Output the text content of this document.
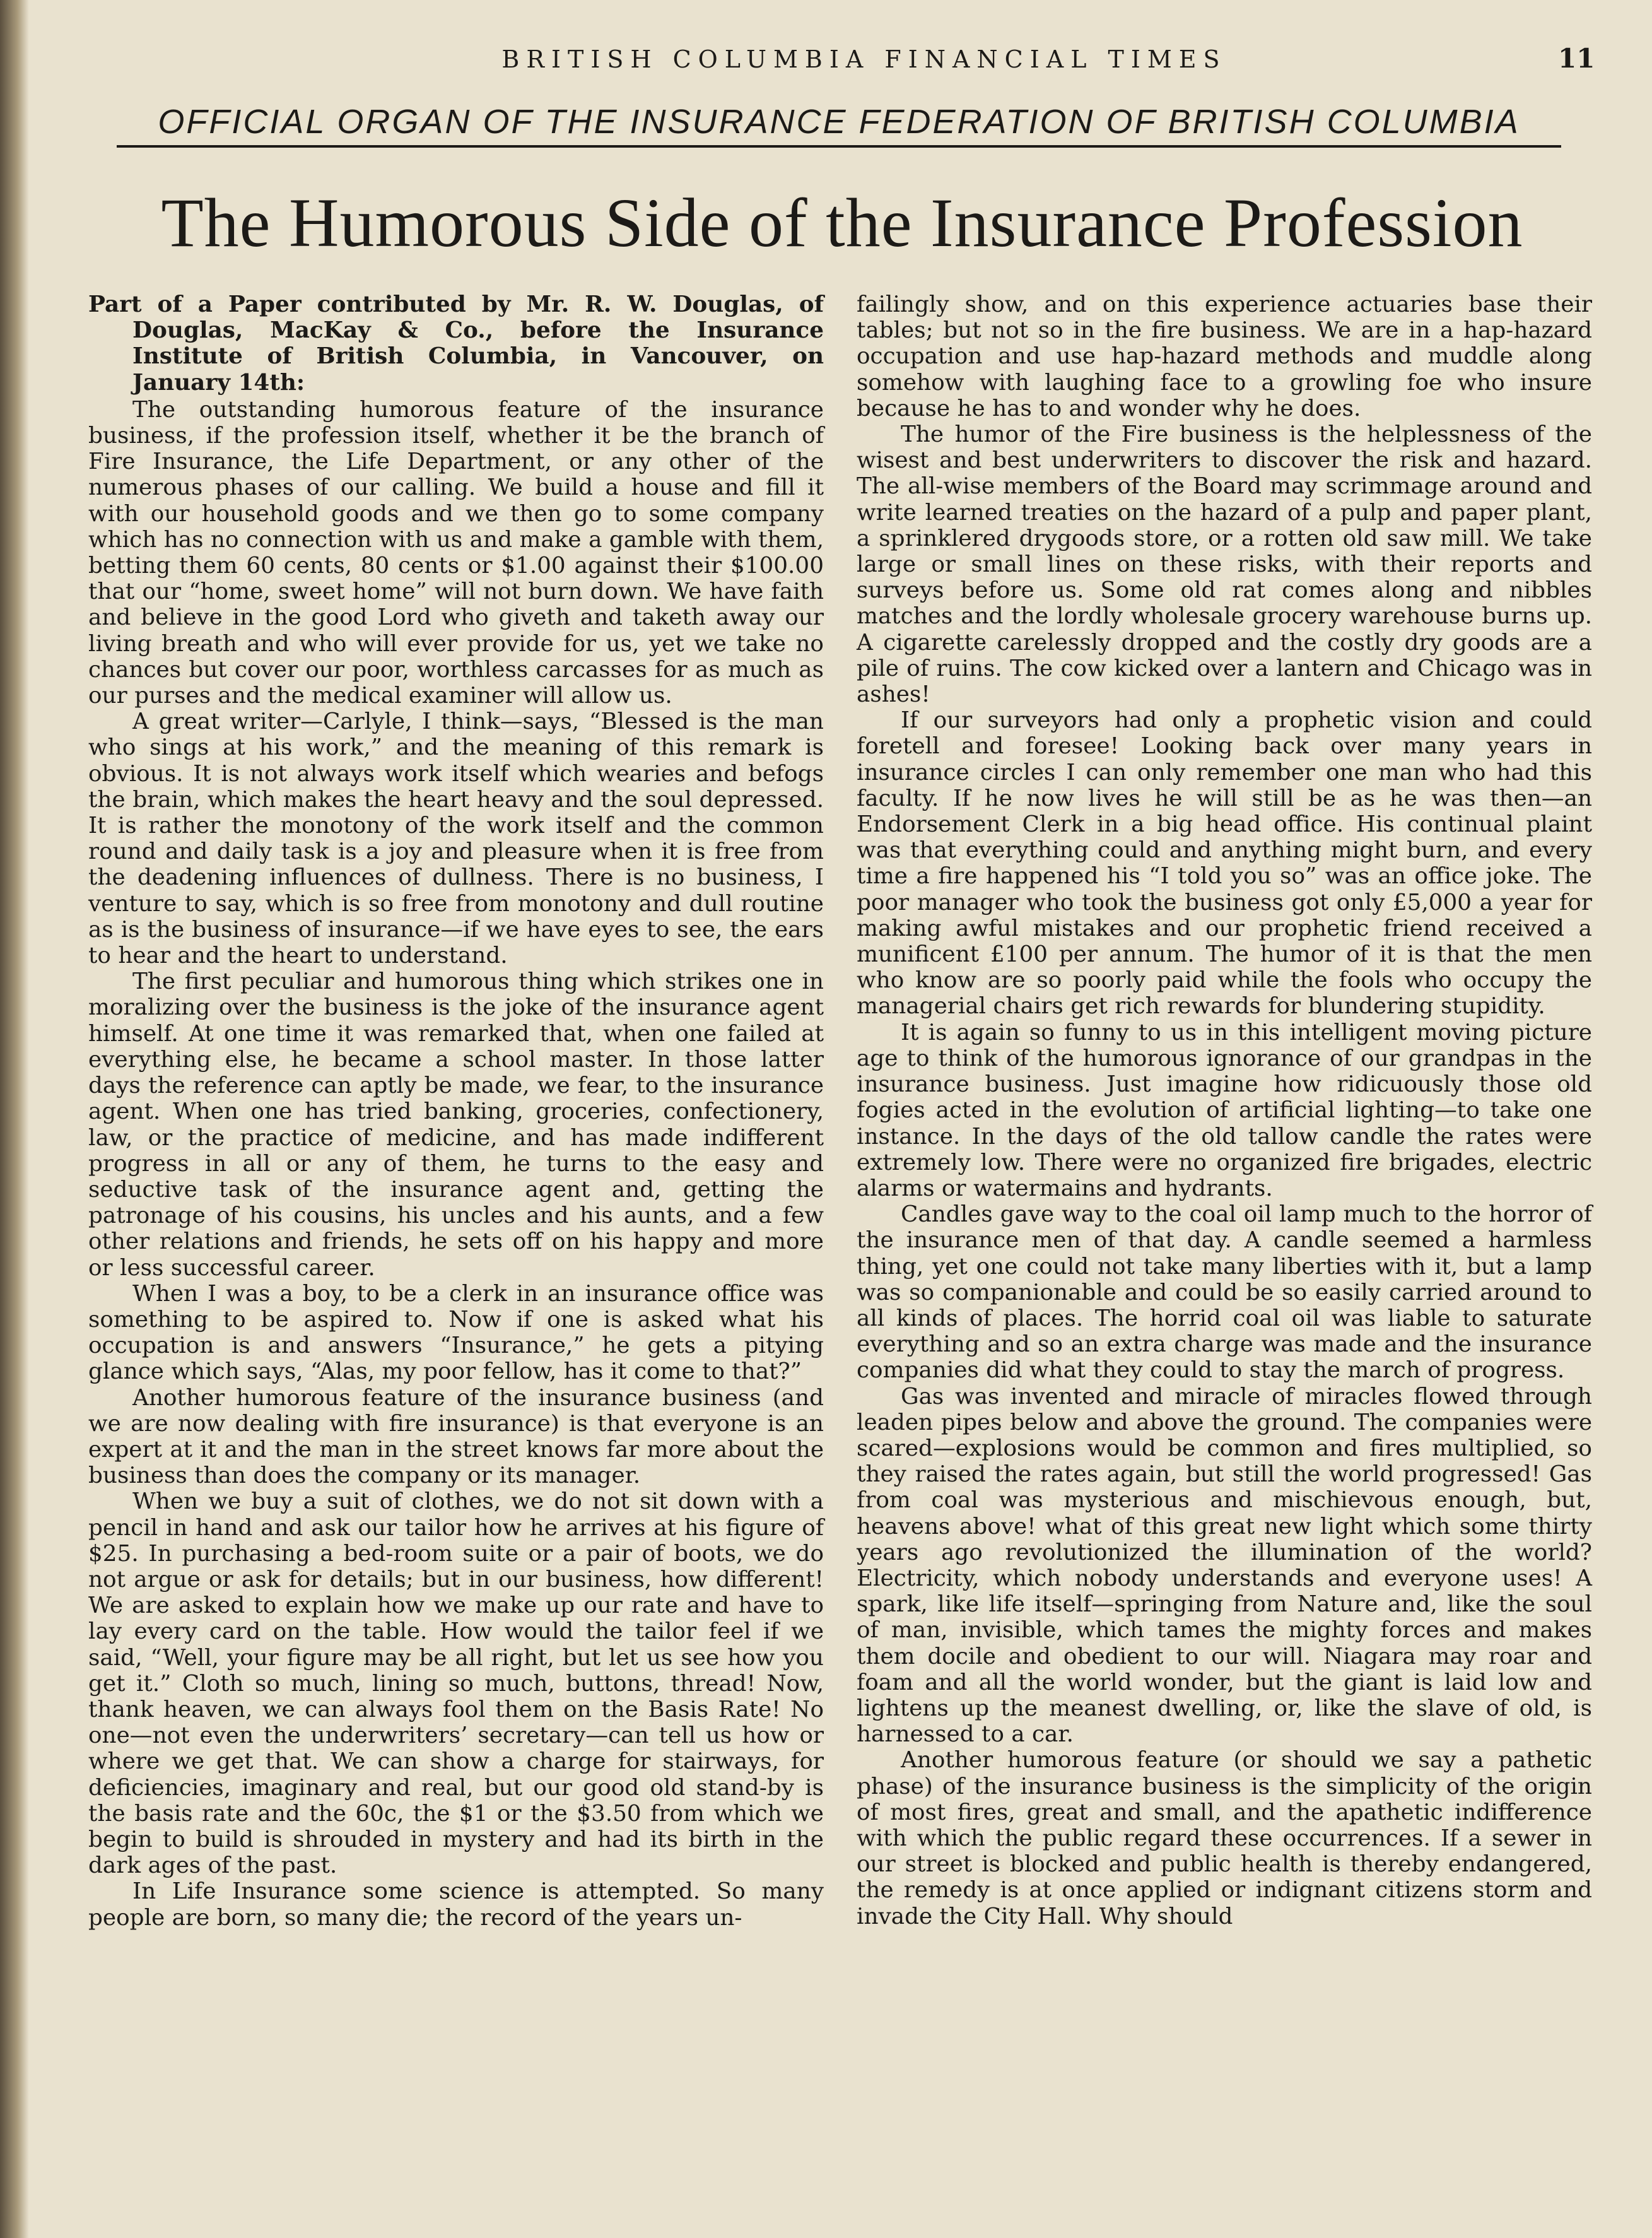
BRITISH COLUMBIA FINANCIAL TIMES	11
OFFICIAL ORGAN OF THE INSURANCE FEDERATION OF BRITISH COLUMBIA
The Humorous Side of the Insurance Profession

Part of a Paper contributed by Mr. R. W. Douglas, of Douglas, MacKay & Co., before the Insurance Institute of British Columbia, in Vancouver, on January 14th:

The outstanding humorous feature of the insurance business, if the profession itself, whether it be the branch of Fire Insurance, the Life Department, or any other of the numerous phases of our calling. We build a house and fill it with our household goods and we then go to some company which has no connection with us and make a gamble with them, betting them 60 cents, 80 cents or $1.00 against their $100.00 that our “home, sweet home” will not burn down. We have faith and believe in the good Lord who giveth and taketh away our living breath and who will ever provide for us, yet we take no chances but cover our poor, worthless carcasses for as much as our purses and the medical examiner will allow us.

A great writer—Carlyle, I think—says, “Blessed is the man who sings at his work,” and the meaning of this remark is obvious. It is not always work itself which wearies and befogs the brain, which makes the heart heavy and the soul depressed. It is rather the monotony of the work itself and the common round and daily task is a joy and pleasure when it is free from the deadening influences of dullness. There is no business, I venture to say, which is so free from monotony and dull routine as is the business of insurance—if we have eyes to see, the ears to hear and the heart to understand.

The first peculiar and humorous thing which strikes one in moralizing over the business is the joke of the insurance agent himself. At one time it was remarked that, when one failed at everything else, he became a school master. In those latter days the reference can aptly be made, we fear, to the insurance agent. When one has tried banking, groceries, confectionery, law, or the practice of medicine, and has made indifferent progress in all or any of them, he turns to the easy and seductive task of the insurance agent and, getting the patronage of his cousins, his uncles and his aunts, and a few other relations and friends, he sets off on his happy and more or less successful career.

When I was a boy, to be a clerk in an insurance office was something to be aspired to. Now if one is asked what his occupation is and answers “Insurance,” he gets a pitying glance which says, “Alas, my poor fellow, has it come to that?”

Another humorous feature of the insurance business (and we are now dealing with fire insurance) is that everyone is an expert at it and the man in the street knows far more about the business than does the company or its manager.

When we buy a suit of clothes, we do not sit down with a pencil in hand and ask our tailor how he arrives at his figure of $25. In purchasing a bed-room suite or a pair of boots, we do not argue or ask for details; but in our business, how different! We are asked to explain how we make up our rate and have to lay every card on the table. How would the tailor feel if we said, “Well, your figure may be all right, but let us see how you get it.” Cloth so much, lining so much, buttons, thread! Now, thank heaven, we can always fool them on the Basis Rate! No one—not even the underwriters’ secretary—can tell us how or where we get that. We can show a charge for stairways, for deficiencies, imaginary and real, but our good old stand-by is the basis rate and the 60c, the $1 or the $3.50 from which we begin to build is shrouded in mystery and had its birth in the dark ages of the past.

In Life Insurance some science is attempted. So many people are born, so many die; the record of the years un-

failingly show, and on this experience actuaries base their tables; but not so in the fire business. We are in a hap-hazard occupation and use hap-hazard methods and muddle along somehow with laughing face to a growling foe who insure because he has to and wonder why he does.

The humor of the Fire business is the helplessness of the wisest and best underwriters to discover the risk and hazard. The all-wise members of the Board may scrimmage around and write learned treaties on the hazard of a pulp and paper plant, a sprinklered drygoods store, or a rotten old saw mill. We take large or small lines on these risks, with their reports and surveys before us. Some old rat comes along and nibbles matches and the lordly wholesale grocery warehouse burns up. A cigarette carelessly dropped and the costly dry goods are a pile of ruins. The cow kicked over a lantern and Chicago was in ashes!

If our surveyors had only a prophetic vision and could foretell and foresee! Looking back over many years in insurance circles I can only remember one man who had this faculty. If he now lives he will still be as he was then—an Endorsement Clerk in a big head office. His continual plaint was that everything could and anything might burn, and every time a fire happened his “I told you so” was an office joke. The poor manager who took the business got only £5,000 a year for making awful mistakes and our prophetic friend received a munificent £100 per annum. The humor of it is that the men who know are so poorly paid while the fools who occupy the managerial chairs get rich rewards for blundering stupidity.

It is again so funny to us in this intelligent moving picture age to think of the humorous ignorance of our grandpas in the insurance business. Just imagine how ridicuously those old fogies acted in the evolution of artificial lighting—to take one instance. In the days of the old tallow candle the rates were extremely low. There were no organized fire brigades, electric alarms or watermains and hydrants.

Candles gave way to the coal oil lamp much to the horror of the insurance men of that day. A candle seemed a harmless thing, yet one could not take many liberties with it, but a lamp was so companionable and could be so easily carried around to all kinds of places. The horrid coal oil was liable to saturate everything and so an extra charge was made and the insurance companies did what they could to stay the march of progress.

Gas was invented and miracle of miracles flowed through leaden pipes below and above the ground. The companies were scared—explosions would be common and fires multiplied, so they raised the rates again, but still the world progressed! Gas from coal was mysterious and mischievous enough, but, heavens above! what of this great new light which some thirty years ago revolutionized the illumination of the world? Electricity, which nobody understands and everyone uses! A spark, like life itself—springing from Nature and, like the soul of man, invisible, which tames the mighty forces and makes them docile and obedient to our will. Niagara may roar and foam and all the world wonder, but the giant is laid low and lightens up the meanest dwelling, or, like the slave of old, is harnessed to a car.

Another humorous feature (or should we say a pathetic phase) of the insurance business is the simplicity of the origin of most fires, great and small, and the apathetic indifference with which the public regard these occurrences. If a sewer in our street is blocked and public health is thereby endangered, the remedy is at once applied or indignant citizens storm and invade the City Hall. Why should
